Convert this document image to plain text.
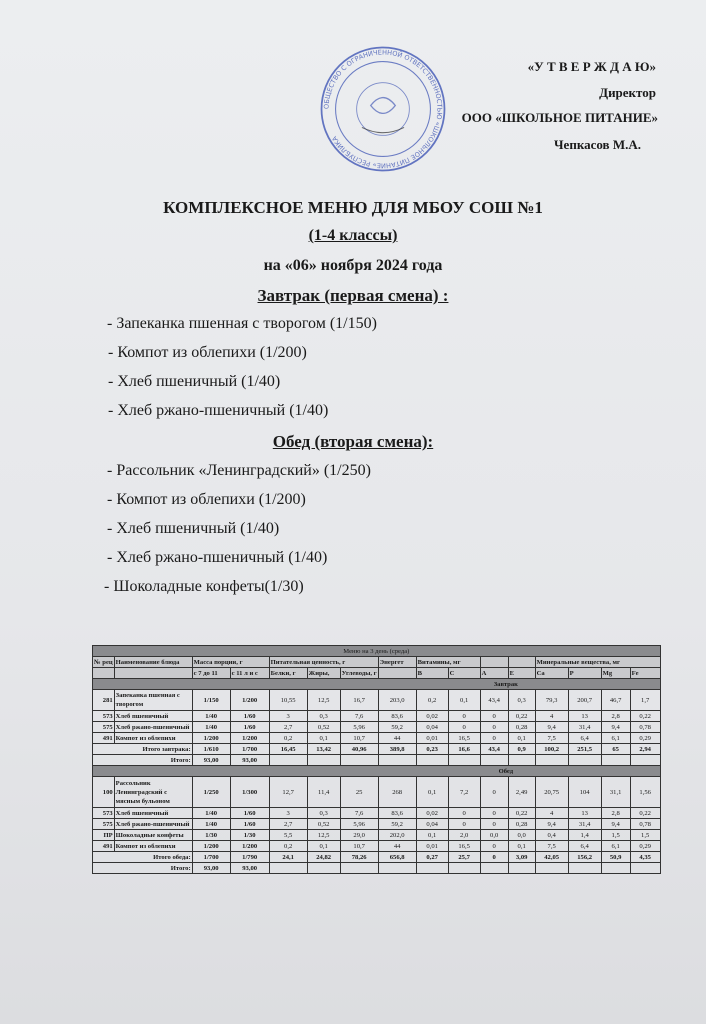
«У Т В Е Р Ж Д А Ю»
Директор
ООО «ШКОЛЬНОЕ ПИТАНИЕ»
Чепкасов М.А.
ОБЩЕСТВО С ОГРАНИЧЕННОЙ ОТВЕТСТВЕННОСТЬЮ «ШКОЛЬНОЕ ПИТАНИЕ» РЕСПУБЛИКА
КОМПЛЕКСНОЕ МЕНЮ ДЛЯ МБОУ СОШ №1
(1-4 классы)
на «06» ноября 2024 года
Завтрак (первая смена) :
- Запеканка пшенная с творогом (1/150)
- Компот из облепихи (1/200)
- Хлеб пшеничный (1/40)
- Хлеб ржано-пшеничный (1/40)
Обед (вторая смена):
- Рассольник «Ленинградский» (1/250)
- Компот из облепихи (1/200)
- Хлеб пшеничный (1/40)
- Хлеб ржано-пшеничный (1/40)
- Шоколадные конфеты(1/30)
Меню на 3 день (среда)															
№ рец	Наименование блюда	Масса порции, г		Питательная ценность, г			Энергет	Витамины, мг				Минеральные вещества, мг			
		с 7 до 11	с 11 л и с	Белки, г	Жиры,	Углеводы, г		B	C	A	E	Ca	P	Mg	Fe
Завтрак															
281	Запеканка пшенная с творогом	1/150	1/200	10,55	12,5	16,7	203,0	0,2	0,1	43,4	0,3	79,3	200,7	46,7	1,7
573	Хлеб пшеничный	1/40	1/60	3	0,3	7,6	83,6	0,02	0	0	0,22	4	13	2,8	0,22
575	Хлеб ржано-пшеничный	1/40	1/60	2,7	0,52	5,96	59,2	0,04	0	0	0,28	9,4	31,4	9,4	0,78
491	Компот из облепихи	1/200	1/200	0,2	0,1	10,7	44	0,01	16,5	0	0,1	7,5	6,4	6,1	0,29
Итого завтрака:		1/610	1/700	16,45	13,42	40,96	389,8	0,23	16,6	43,4	0,9	100,2	251,5	65	2,94
Итого:		93,00	93,00												
Обед															
100	Рассольник Ленинградский с мясным бульоном	1/250	1/300	12,7	11,4	25	268	0,1	7,2	0	2,49	20,75	104	31,1	1,56
573	Хлеб пшеничный	1/40	1/60	3	0,3	7,6	83,6	0,02	0	0	0,22	4	13	2,8	0,22
575	Хлеб ржано-пшеничный	1/40	1/60	2,7	0,52	5,96	59,2	0,04	0	0	0,28	9,4	31,4	9,4	0,78
ПР	Шоколадные конфеты	1/30	1/30	5,5	12,5	29,0	202,0	0,1	2,0	0,0	0,0	0,4	1,4	1,5	1,5
491	Компот из облепихи	1/200	1/200	0,2	0,1	10,7	44	0,01	16,5	0	0,1	7,5	6,4	6,1	0,29
Итого обеда:		1/700	1/790	24,1	24,82	78,26	656,8	0,27	25,7	0	3,09	42,05	156,2	50,9	4,35
Итого:		93,00	93,00												
